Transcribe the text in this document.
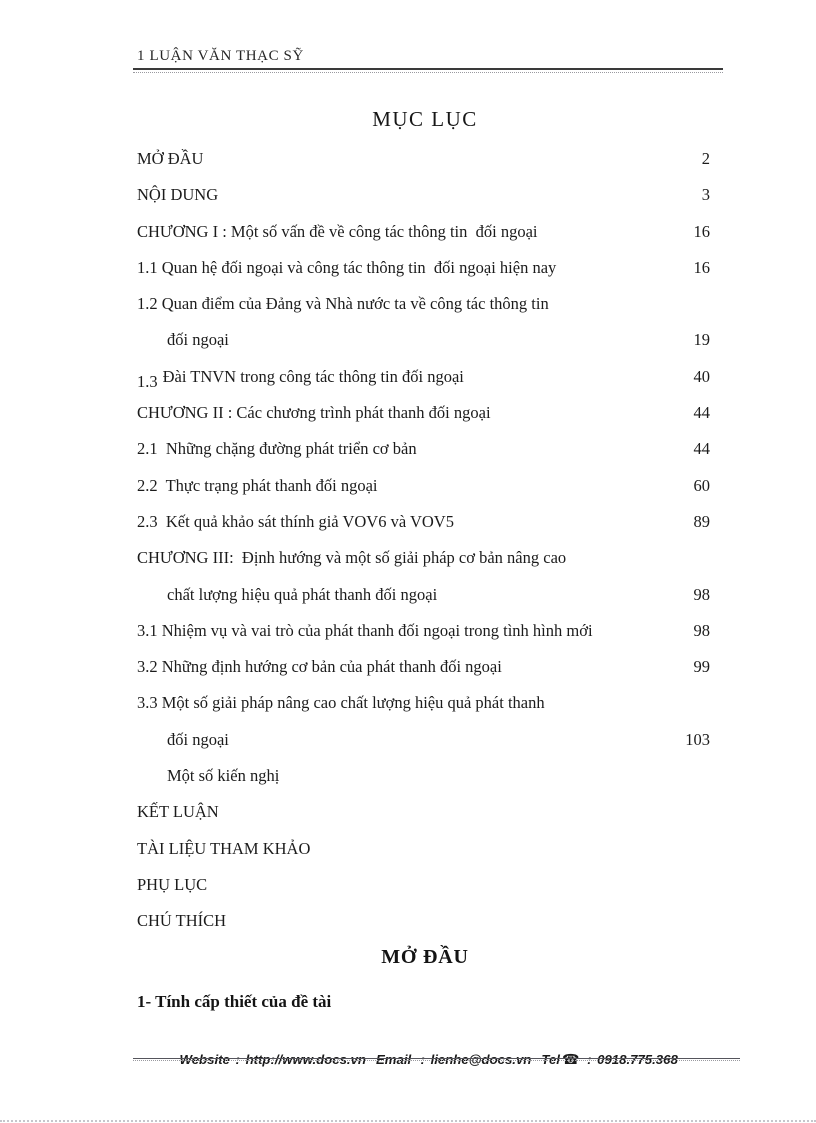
1 LUẬN VĂN THẠC SỸ
MỤC LỤC
MỞ ĐẦU	2
NỘI DUNG	3
CHƯƠNG I : Một số vấn đề về công tác thông tin  đối ngoại	16
1.1 Quan hệ đối ngoại và công tác thông tin  đối ngoại hiện nay	16
1.2 Quan điểm của Đảng và Nhà nước ta về công tác thông tin
đối ngoại	19
1.3 Đài TNVN trong công tác thông tin đối ngoại	40
CHƯƠNG II : Các chương trình phát thanh đối ngoại	44
2.1  Những chặng đường phát triển cơ bản	44
2.2  Thực trạng phát thanh đối ngoại	60
2.3  Kết quả khảo sát thính giả VOV6 và VOV5	89
CHƯƠNG III:  Định hướng và một số giải pháp cơ bản nâng cao
chất lượng hiệu quả phát thanh đối ngoại	98
3.1 Nhiệm vụ và vai trò của phát thanh đối ngoại trong tình hình mới	98
3.2 Những định hướng cơ bản của phát thanh đối ngoại	99
3.3 Một số giải pháp nâng cao chất lượng hiệu quả phát thanh
đối ngoại	103
Một số kiến nghị
KẾT LUẬN
TÀI LIỆU THAM KHẢO
PHỤ LỤC
CHÚ THÍCH
MỞ ĐẦU
1- Tính cấp thiết của đề tài

Website : http://www.docs.vn Email  : lienhe@docs.vn Tel ☎ : 0918.775.368
